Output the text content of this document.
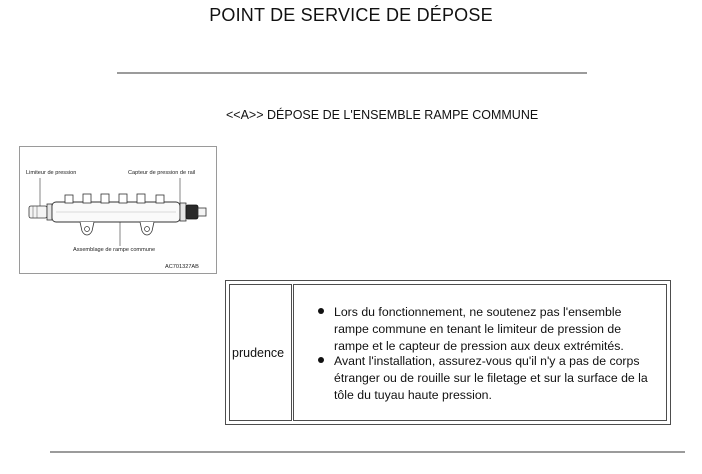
POINT DE SERVICE DE DÉPOSE
<<A>> DÉPOSE DE L'ENSEMBLE RAMPE COMMUNE
Limiteur de pression	Capteur de pression de rail
Assemblage de rampe commune
AC701327AB
prudence
Lors du fonctionnement, ne soutenez pas l'ensemble rampe commune en tenant le limiteur de pression de rampe et le capteur de pression aux deux extrémités.
Avant l'installation, assurez-vous qu'il n'y a pas de corps étranger ou de rouille sur le filetage et sur la surface de la tôle du tuyau haute pression.
